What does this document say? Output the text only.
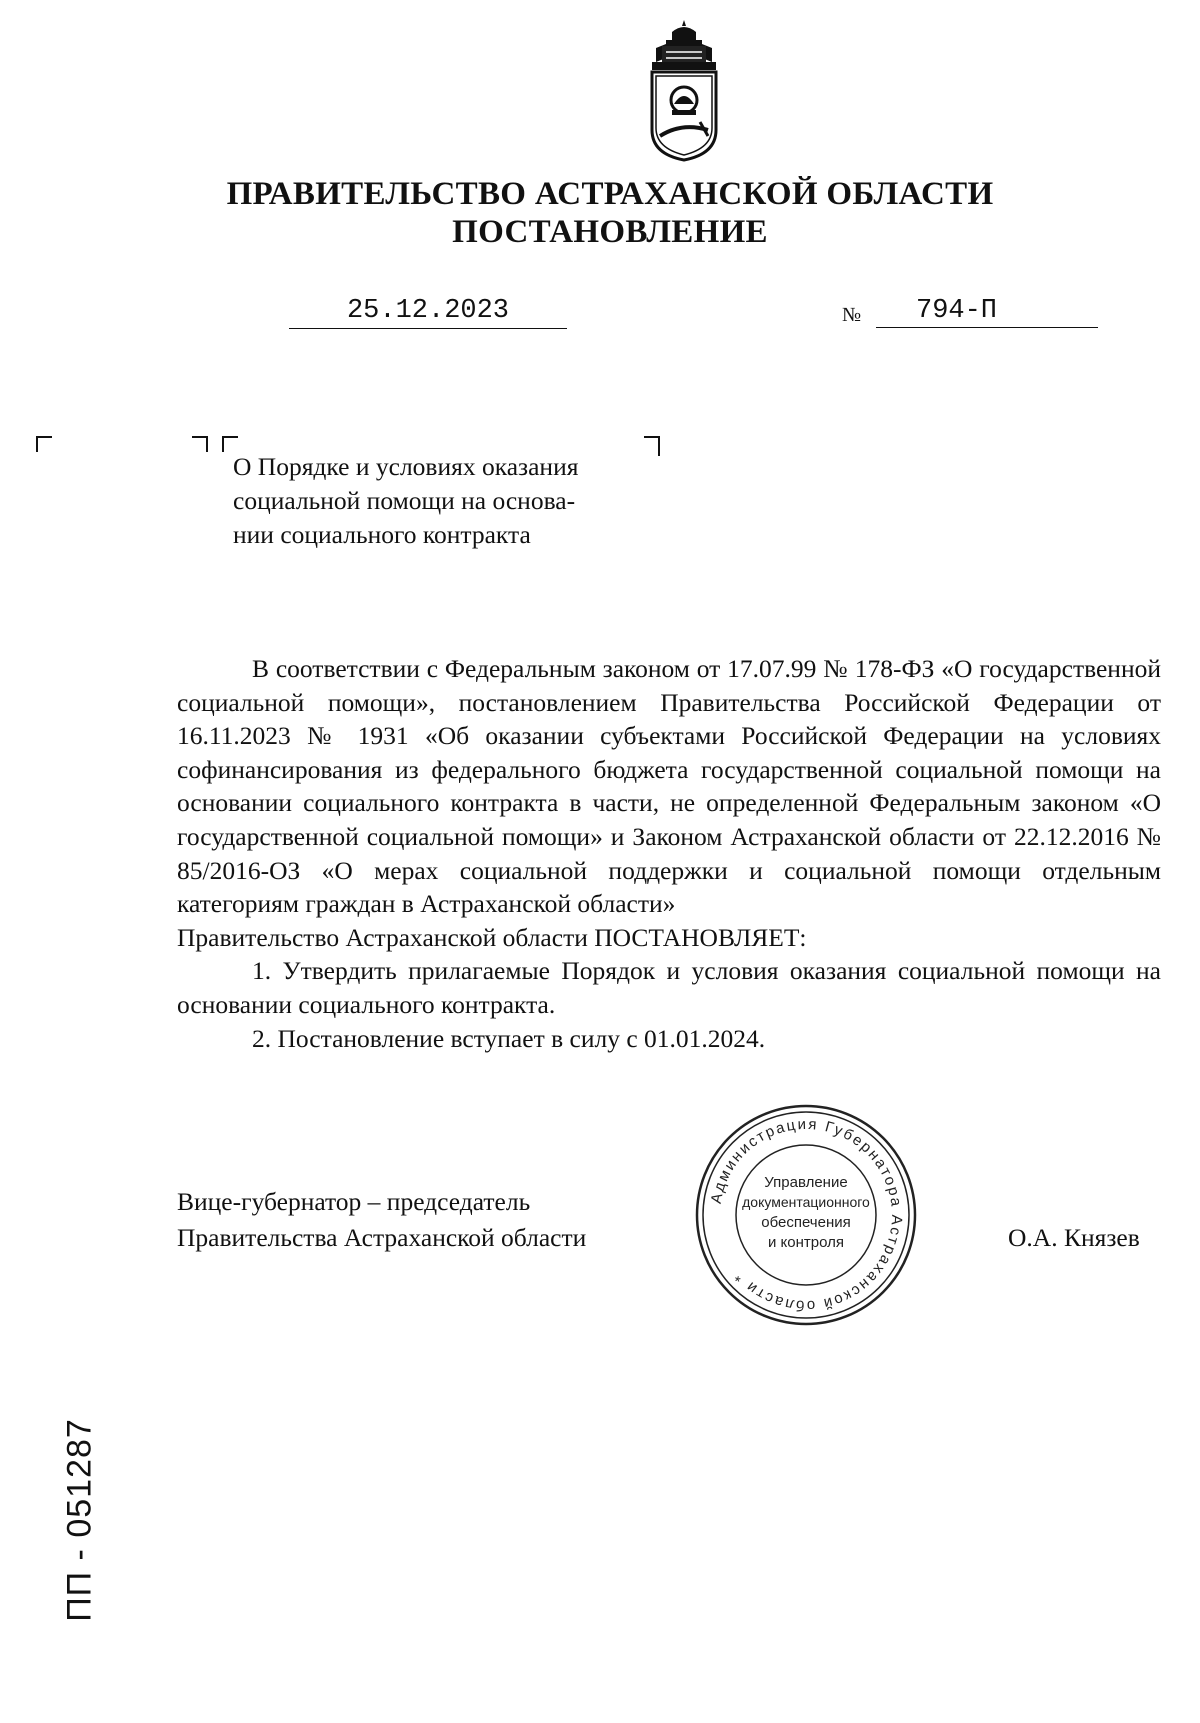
ПРАВИТЕЛЬСТВО АСТРАХАНСКОЙ ОБЛАСТИ
ПОСТАНОВЛЕНИЕ
25.12.2023	№	794-П

О Порядке и условиях оказания
социальной помощи на основа-
нии социального контракта

В соответствии с Федеральным законом от 17.07.99 № 178-ФЗ «О государственной социальной помощи», постановлением Правительства Российской Федерации от 16.11.2023 № 1931 «Об оказании субъектами Российской Федерации на условиях софинансирования из федерального бюджета государственной социальной помощи на основании социального контракта в части, не определенной Федеральным законом «О государственной социальной помощи» и Законом Астраханской области от 22.12.2016 № 85/2016-ОЗ «О мерах социальной поддержки и социальной помощи отдельным категориям граждан в Астраханской области»

Правительство Астраханской области ПОСТАНОВЛЯЕТ:

1. Утвердить прилагаемые Порядок и условия оказания социальной помощи на основании социального контракта.

2. Постановление вступает в силу с 01.01.2024.

Вице-губернатор – председатель
Правительства Астраханской области
Администрация Губернатора Астраханской области *
Управление
документационного
обеспечения
и контроля	О.А. Князев
ПП - 051287
